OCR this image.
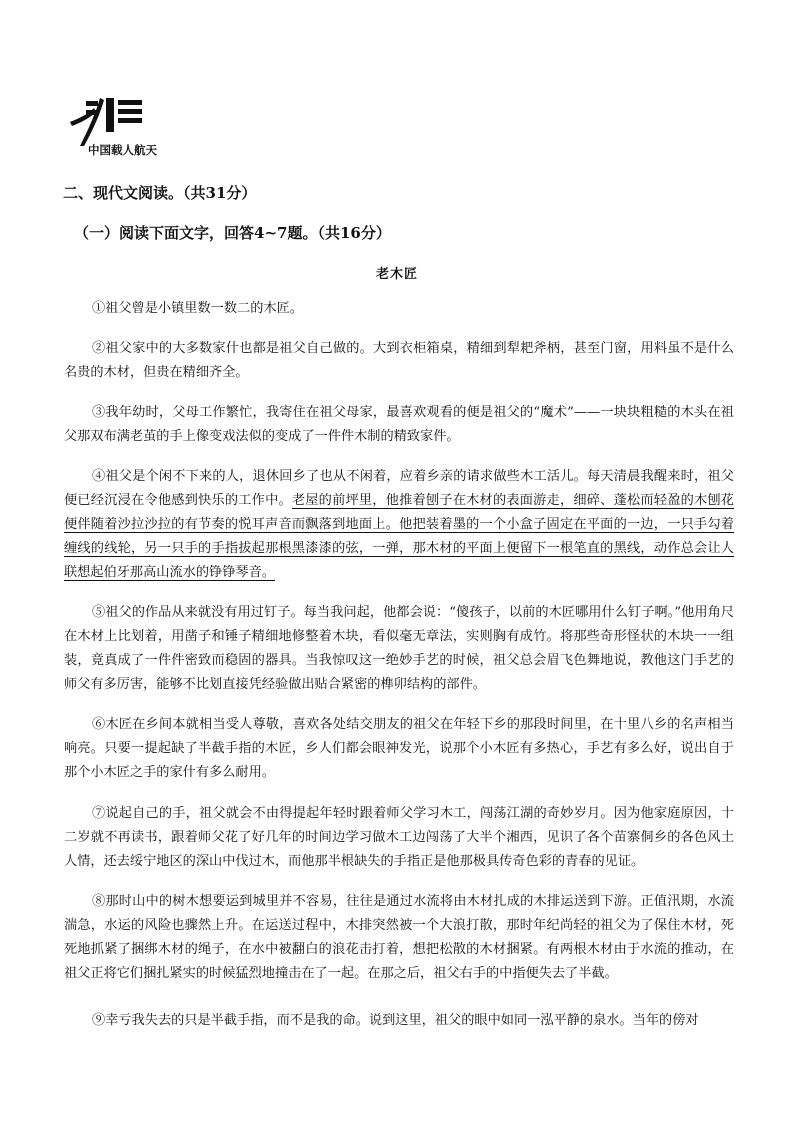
中国载人航天
二、现代文阅读。（共31分）
（一）阅读下面文字，回答4~7题。（共16分）
老木匠

①祖父曾是小镇里数一数二的木匠。

②祖父家中的大多数家什也都是祖父自己做的。大到衣柜箱桌，精细到犁耙斧柄，甚至门窗，用料虽不是什么名贵的木材，但贵在精细齐全。

③我年幼时，父母工作繁忙，我寄住在祖父母家，最喜欢观看的便是祖父的“魔术”——一块块粗糙的木头在祖父那双布满老茧的手上像变戏法似的变成了一件件木制的精致家件。

④祖父是个闲不下来的人，退休回乡了也从不闲着，应着乡亲的请求做些木工活儿。每天清晨我醒来时，祖父便已经沉浸在令他感到快乐的工作中。老屋的前坪里，他推着刨子在木材的表面游走，细碎、蓬松而轻盈的木刨花便伴随着沙拉沙拉的有节奏的悦耳声音而飘落到地面上。他把装着墨的一个小盒子固定在平面的一边，一只手勾着缠线的线轮，另一只手的手指拔起那根黑漆漆的弦，一弹，那木材的平面上便留下一根笔直的黑线，动作总会让人联想起伯牙那高山流水的铮铮琴音。

⑤祖父的作品从来就没有用过钉子。每当我问起，他都会说：“傻孩子，以前的木匠哪用什么钉子啊。”他用角尺在木材上比划着，用凿子和锤子精细地修整着木块，看似毫无章法，实则胸有成竹。将那些奇形怪状的木块一一组装，竟真成了一件件密致而稳固的器具。当我惊叹这一绝妙手艺的时候，祖父总会眉飞色舞地说，教他这门手艺的师父有多厉害，能够不比划直接凭经验做出贴合紧密的榫卯结构的部件。

⑥木匠在乡间本就相当受人尊敬，喜欢各处结交朋友的祖父在年轻下乡的那段时间里，在十里八乡的名声相当响亮。只要一提起缺了半截手指的木匠，乡人们都会眼神发光，说那个小木匠有多热心，手艺有多么好，说出自于那个小木匠之手的家什有多么耐用。

⑦说起自己的手，祖父就会不由得提起年轻时跟着师父学习木工，闯荡江湖的奇妙岁月。因为他家庭原因，十二岁就不再读书，跟着师父花了好几年的时间边学习做木工边闯荡了大半个湘西，见识了各个苗寨侗乡的各色风土人情，还去绥宁地区的深山中伐过木，而他那半根缺失的手指正是他那极具传奇色彩的青春的见证。

⑧那时山中的树木想要运到城里并不容易，往往是通过水流将由木材扎成的木排运送到下游。正值汛期，水流湍急，水运的风险也骤然上升。在运送过程中，木排突然被一个大浪打散，那时年纪尚轻的祖父为了保住木材，死死地抓紧了捆绑木材的绳子，在水中被翻白的浪花击打着，想把松散的木材捆紧。有两根木材由于水流的推动，在祖父正将它们捆扎紧实的时候猛烈地撞击在了一起。在那之后，祖父右手的中指便失去了半截。

⑨幸亏我失去的只是半截手指，而不是我的命。说到这里，祖父的眼中如同一泓平静的泉水。当年的傍对
